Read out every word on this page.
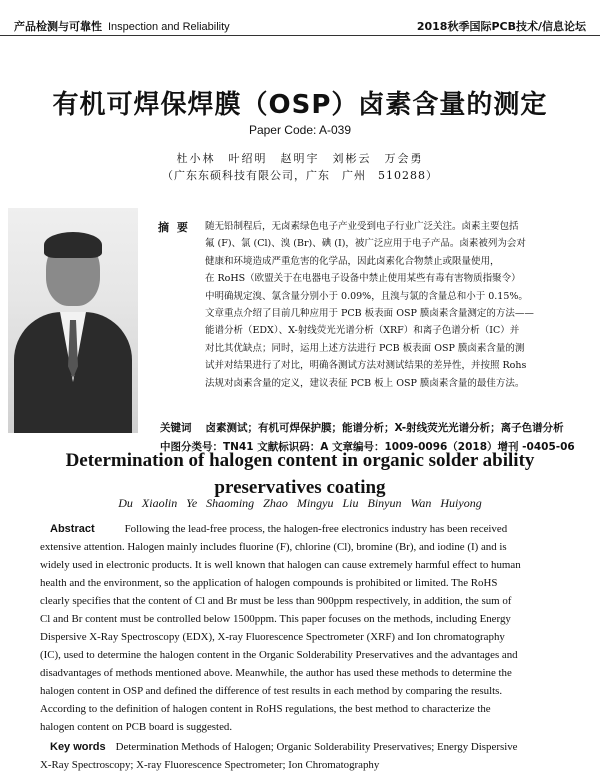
产品检测与可靠性 Inspection and Reliability	2018秋季国际PCB技术/信息论坛
有机可焊保焊膜（OSP）卤素含量的测定
Paper Code: A-039
杜小林　叶绍明　赵明宇　刘彬云　万会勇
（广东东硕科技有限公司，广东　广州　510288）
摘 要 随无铅制程后，无卤素绿色电子产业受到电子行业广泛关注。卤素主要包括
氟 (F)、氯 (Cl)、溴 (Br)、碘 (I)，被广泛应用于电子产品。卤素被列为会对
健康和环境造成严重危害的化学品，因此卤素化合物禁止或限量使用，
在 RoHS（欧盟关于在电器电子设备中禁止使用某些有毒有害物质指聚令）
中明确规定溴、氯含量分别小于 0.09%，且溴与氯的含量总和小于 0.15%。
文章重点介绍了目前几种应用于 PCB 板表面 OSP 膜卤素含量测定的方法——
能谱分析（EDX）、X-射线荧光光谱分析（XRF）和离子色谱分析（IC）并
对比其优缺点；同时，运用上述方法进行 PCB 板表面 OSP 膜卤素含量的测
试并对结果进行了对比，明确各测试方法对测试结果的差异性，并按照 Rohs
法规对卤素含量的定义，建议表征 PCB 板上 OSP 膜卤素含量的最佳方法。
关键词 卤素测试；有机可焊保护膜；能谱分析；X-射线荧光光谱分析；离子色谱分析
中图分类号：TN41 文献标识码：A 文章编号：1009-0096（2018）增刊 -0405-06
Determination of halogen content in organic solder ability
preservatives coating
Du Xiaolin Ye Shaoming Zhao Mingyu Liu Binyun Wan Huiyong
Abstract	Following the lead-free process, the halogen-free electronics industry has been received
extensive attention. Halogen mainly includes fluorine (F), chlorine (Cl), bromine (Br), and iodine (I) and is
widely used in electronic products. It is well known that halogen can cause extremely harmful effect to human
health and the environment, so the application of halogen compounds is prohibited or limited. The RoHS
clearly specifies that the content of Cl and Br must be less than 900ppm respectively, in addition, the sum of
Cl and Br content must be controlled below 1500ppm. This paper focuses on the methods, including Energy
Dispersive X-Ray Spectroscopy (EDX), X-ray Fluorescence Spectrometer (XRF) and Ion chromatography
(IC), used to determine the halogen content in the Organic Solderability Preservatives and the advantages and
disadvantages of methods mentioned above. Meanwhile, the author has used these methods to determine the
halogen content in OSP and defined the difference of test results in each method by comparing the results.
According to the definition of halogen content in RoHS regulations, the best method to characterize the
halogen content on PCB board is suggested.
Key words Determination Methods of Halogen; Organic Solderability Preservatives; Energy Dispersive
X-Ray Spectroscopy; X-ray Fluorescence Spectrometer; Ion Chromatography
